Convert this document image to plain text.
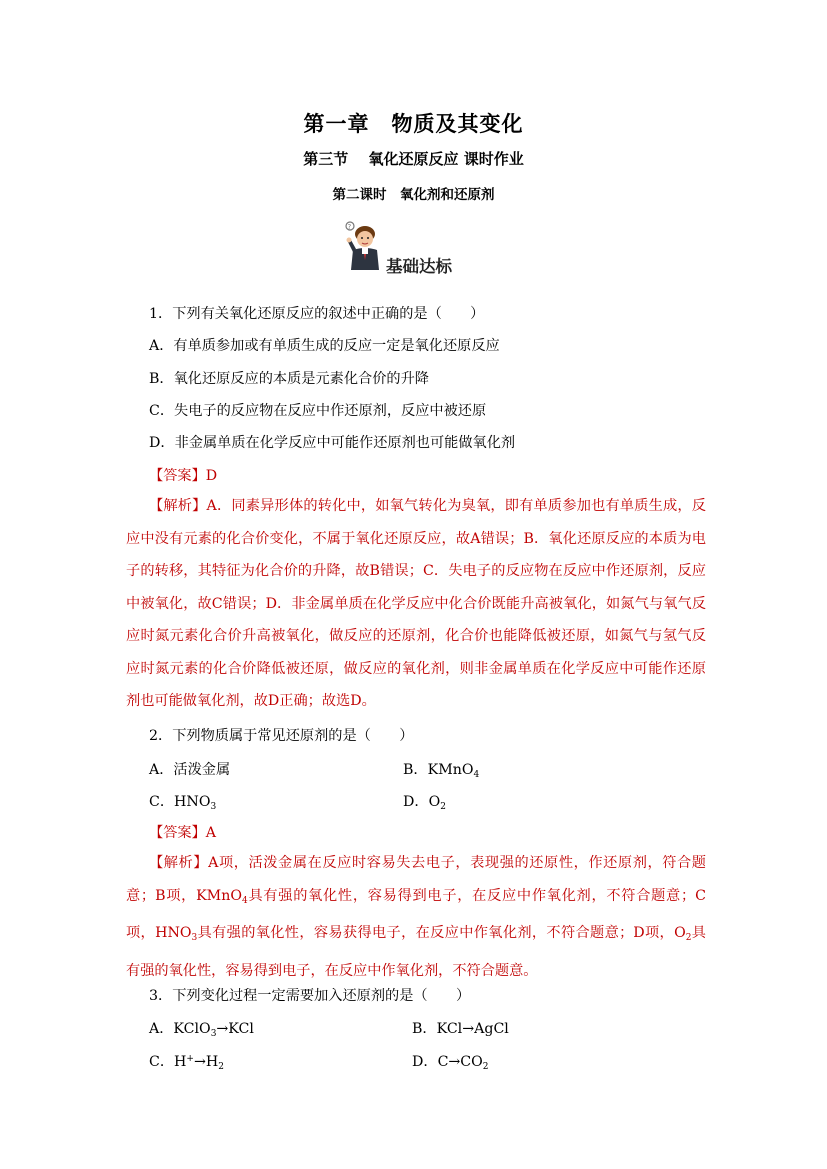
第一章　物质及其变化
第三节　 氧化还原反应 课时作业
第二课时　氧化剂和还原剂
?
基础达标
1．下列有关氧化还原反应的叙述中正确的是（　　）
A．有单质参加或有单质生成的反应一定是氧化还原反应
B．氧化还原反应的本质是元素化合价的升降
C．失电子的反应物在反应中作还原剂，反应中被还原
D．非金属单质在化学反应中可能作还原剂也可能做氧化剂
【答案】D
【解析】A．同素异形体的转化中，如氧气转化为臭氧，即有单质参加也有单质生成，反应中没有元素的化合价变化，不属于氧化还原反应，故A错误；B．氧化还原反应的本质为电子的转移，其特征为化合价的升降，故B错误；C．失电子的反应物在反应中作还原剂，反应中被氧化，故C错误；D．非金属单质在化学反应中化合价既能升高被氧化，如氮气与氧气反应时氮元素化合价升高被氧化，做反应的还原剂，化合价也能降低被还原，如氮气与氢气反应时氮元素的化合价降低被还原，做反应的氧化剂，则非金属单质在化学反应中可能作还原剂也可能做氧化剂，故D正确；故选D。
2．下列物质属于常见还原剂的是（　　）
A．活泼金属	B．KMnO$_4$
C．$HNO_3$	D．$O_2$
【答案】A
【解析】A项，活泼金属在反应时容易失去电子，表现强的还原性，作还原剂，符合题意；B项，KMnO$_4$具有强的氧化性，容易得到电子，在反应中作氧化剂，不符合题意；C项，$HNO_3$具有强的氧化性，容易获得电子，在反应中作氧化剂，不符合题意；D项，$O_2$具有强的氧化性，容易得到电子，在反应中作氧化剂，不符合题意。
3．下列变化过程一定需要加入还原剂的是（　　）
A．KClO$_3$→KCl	B．KCl→AgCl
C．$H^+\to H_2$	D．$C\to CO_2$
